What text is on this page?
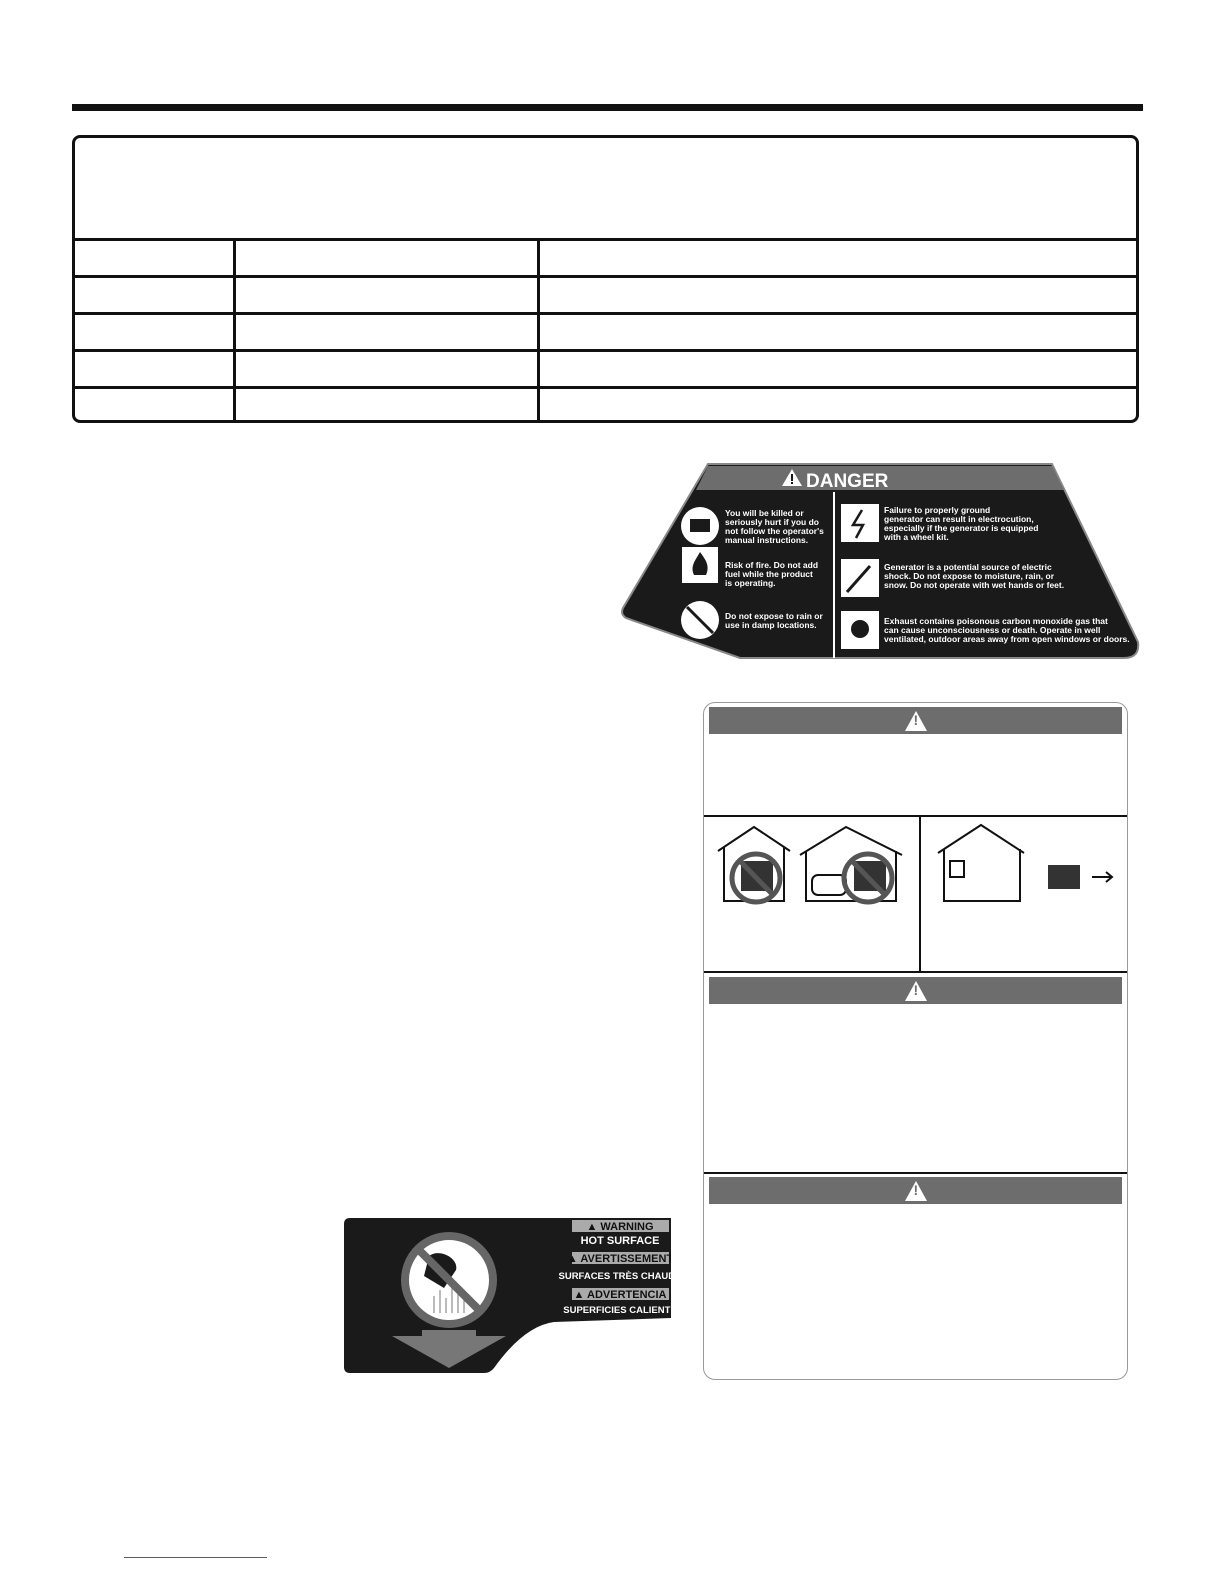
DANGER
You will be killed or seriously hurt if you do not follow the operator's manual instructions.
Risk of fire. Do not add fuel while the product is operating.
Do not expose to rain or use in damp locations.
Failure to properly ground generator can result in electrocution, especially if the generator is equipped with a wheel kit.
Generator is a potential source of electric shock. Do not expose to moisture, rain, or snow. Do not operate with wet hands or feet.
Exhaust contains poisonous carbon monoxide gas that can cause unconsciousness or death. Operate in well ventilated, outdoor areas away from open windows or doors.
!
!
!
▲ WARNING
HOT SURFACE
▲ AVERTISSEMENT
SURFACES TRÈS CHAUDE
▲ ADVERTENCIA
SUPERFICIES CALIENTE
